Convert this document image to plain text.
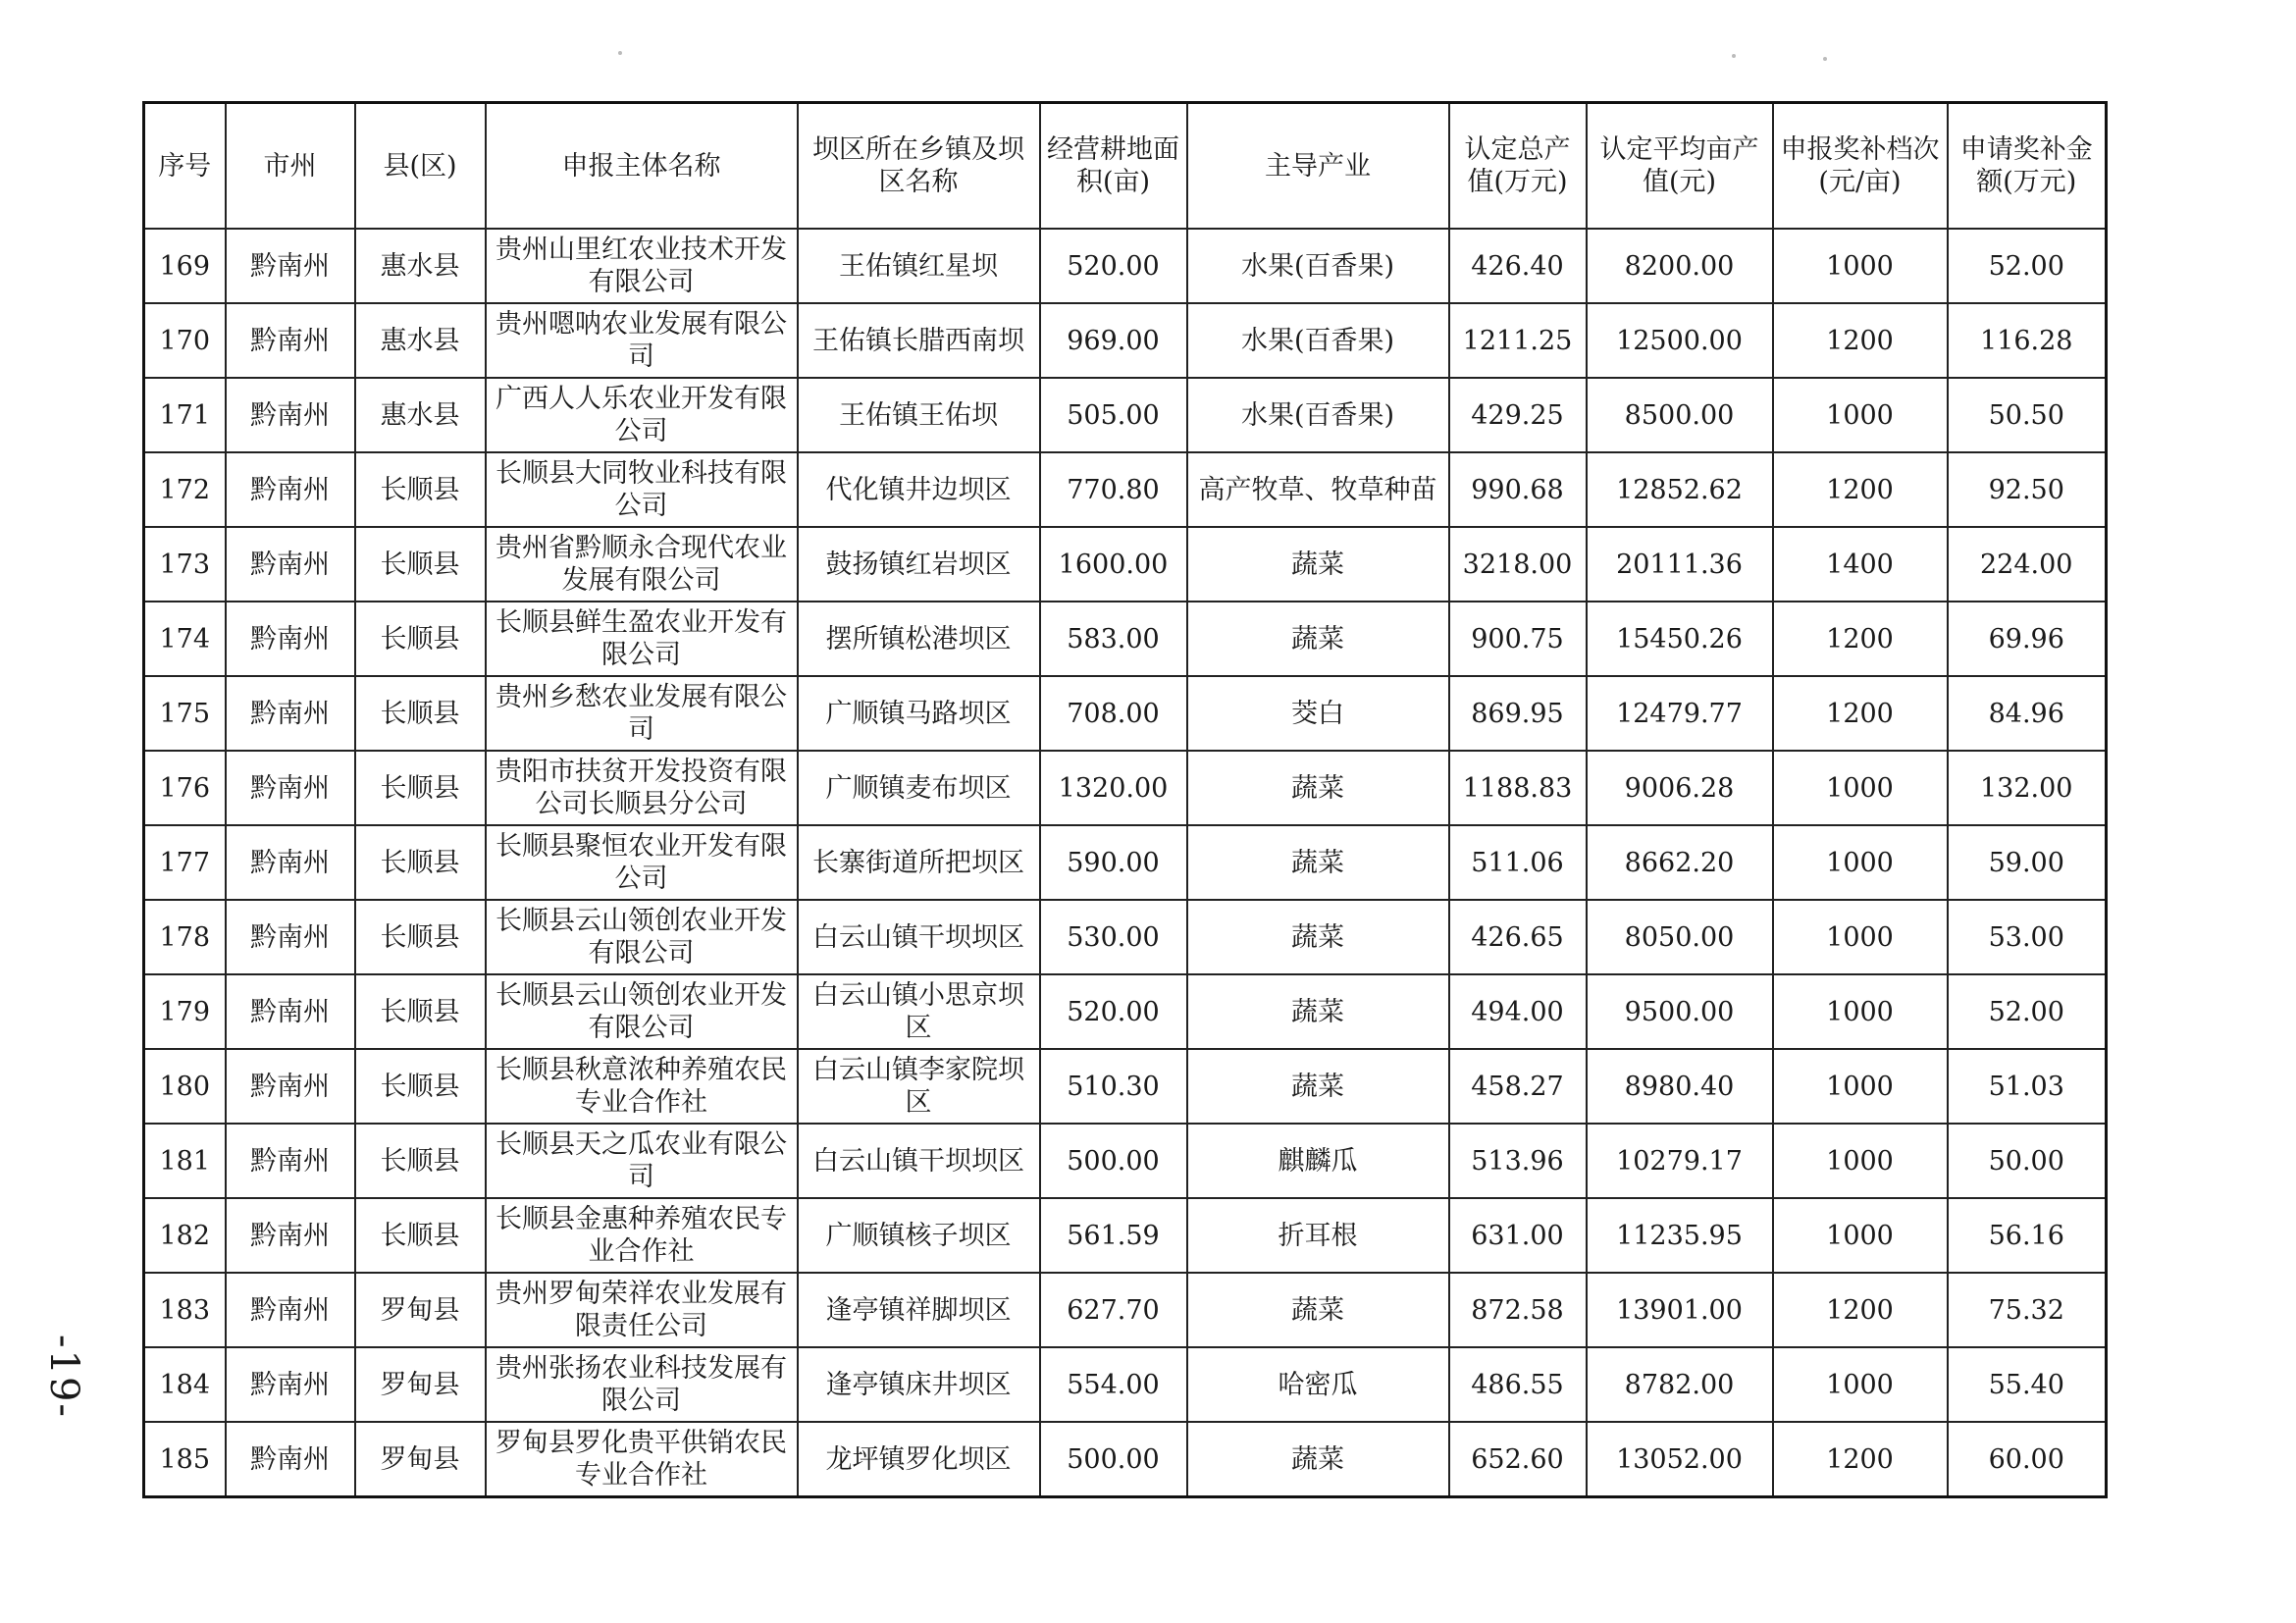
-19-
序号	市州	县(区)	申报主体名称	坝区所在乡镇及坝区名称	经营耕地面积(亩)	主导产业	认定总产值(万元)	认定平均亩产值(元)	申报奖补档次(元/亩)	申请奖补金额(万元)
169	黔南州	惠水县	贵州山里红农业技术开发有限公司	王佑镇红星坝	520.00	水果(百香果)	426.40	8200.00	1000	52.00
170	黔南州	惠水县	贵州嗯呐农业发展有限公司	王佑镇长腊西南坝	969.00	水果(百香果)	1211.25	12500.00	1200	116.28
171	黔南州	惠水县	广西人人乐农业开发有限公司	王佑镇王佑坝	505.00	水果(百香果)	429.25	8500.00	1000	50.50
172	黔南州	长顺县	长顺县大同牧业科技有限公司	代化镇井边坝区	770.80	高产牧草、牧草种苗	990.68	12852.62	1200	92.50
173	黔南州	长顺县	贵州省黔顺永合现代农业发展有限公司	鼓扬镇红岩坝区	1600.00	蔬菜	3218.00	20111.36	1400	224.00
174	黔南州	长顺县	长顺县鲜生盈农业开发有限公司	摆所镇松港坝区	583.00	蔬菜	900.75	15450.26	1200	69.96
175	黔南州	长顺县	贵州乡愁农业发展有限公司	广顺镇马路坝区	708.00	茭白	869.95	12479.77	1200	84.96
176	黔南州	长顺县	贵阳市扶贫开发投资有限公司长顺县分公司	广顺镇麦布坝区	1320.00	蔬菜	1188.83	9006.28	1000	132.00
177	黔南州	长顺县	长顺县聚恒农业开发有限公司	长寨街道所把坝区	590.00	蔬菜	511.06	8662.20	1000	59.00
178	黔南州	长顺县	长顺县云山领创农业开发有限公司	白云山镇干坝坝区	530.00	蔬菜	426.65	8050.00	1000	53.00
179	黔南州	长顺县	长顺县云山领创农业开发有限公司	白云山镇小思京坝区	520.00	蔬菜	494.00	9500.00	1000	52.00
180	黔南州	长顺县	长顺县秋意浓种养殖农民专业合作社	白云山镇李家院坝区	510.30	蔬菜	458.27	8980.40	1000	51.03
181	黔南州	长顺县	长顺县天之瓜农业有限公司	白云山镇干坝坝区	500.00	麒麟瓜	513.96	10279.17	1000	50.00
182	黔南州	长顺县	长顺县金惠种养殖农民专业合作社	广顺镇核子坝区	561.59	折耳根	631.00	11235.95	1000	56.16
183	黔南州	罗甸县	贵州罗甸荣祥农业发展有限责任公司	逢亭镇祥脚坝区	627.70	蔬菜	872.58	13901.00	1200	75.32
184	黔南州	罗甸县	贵州张扬农业科技发展有限公司	逢亭镇床井坝区	554.00	哈密瓜	486.55	8782.00	1000	55.40
185	黔南州	罗甸县	罗甸县罗化贵平供销农民专业合作社	龙坪镇罗化坝区	500.00	蔬菜	652.60	13052.00	1200	60.00
